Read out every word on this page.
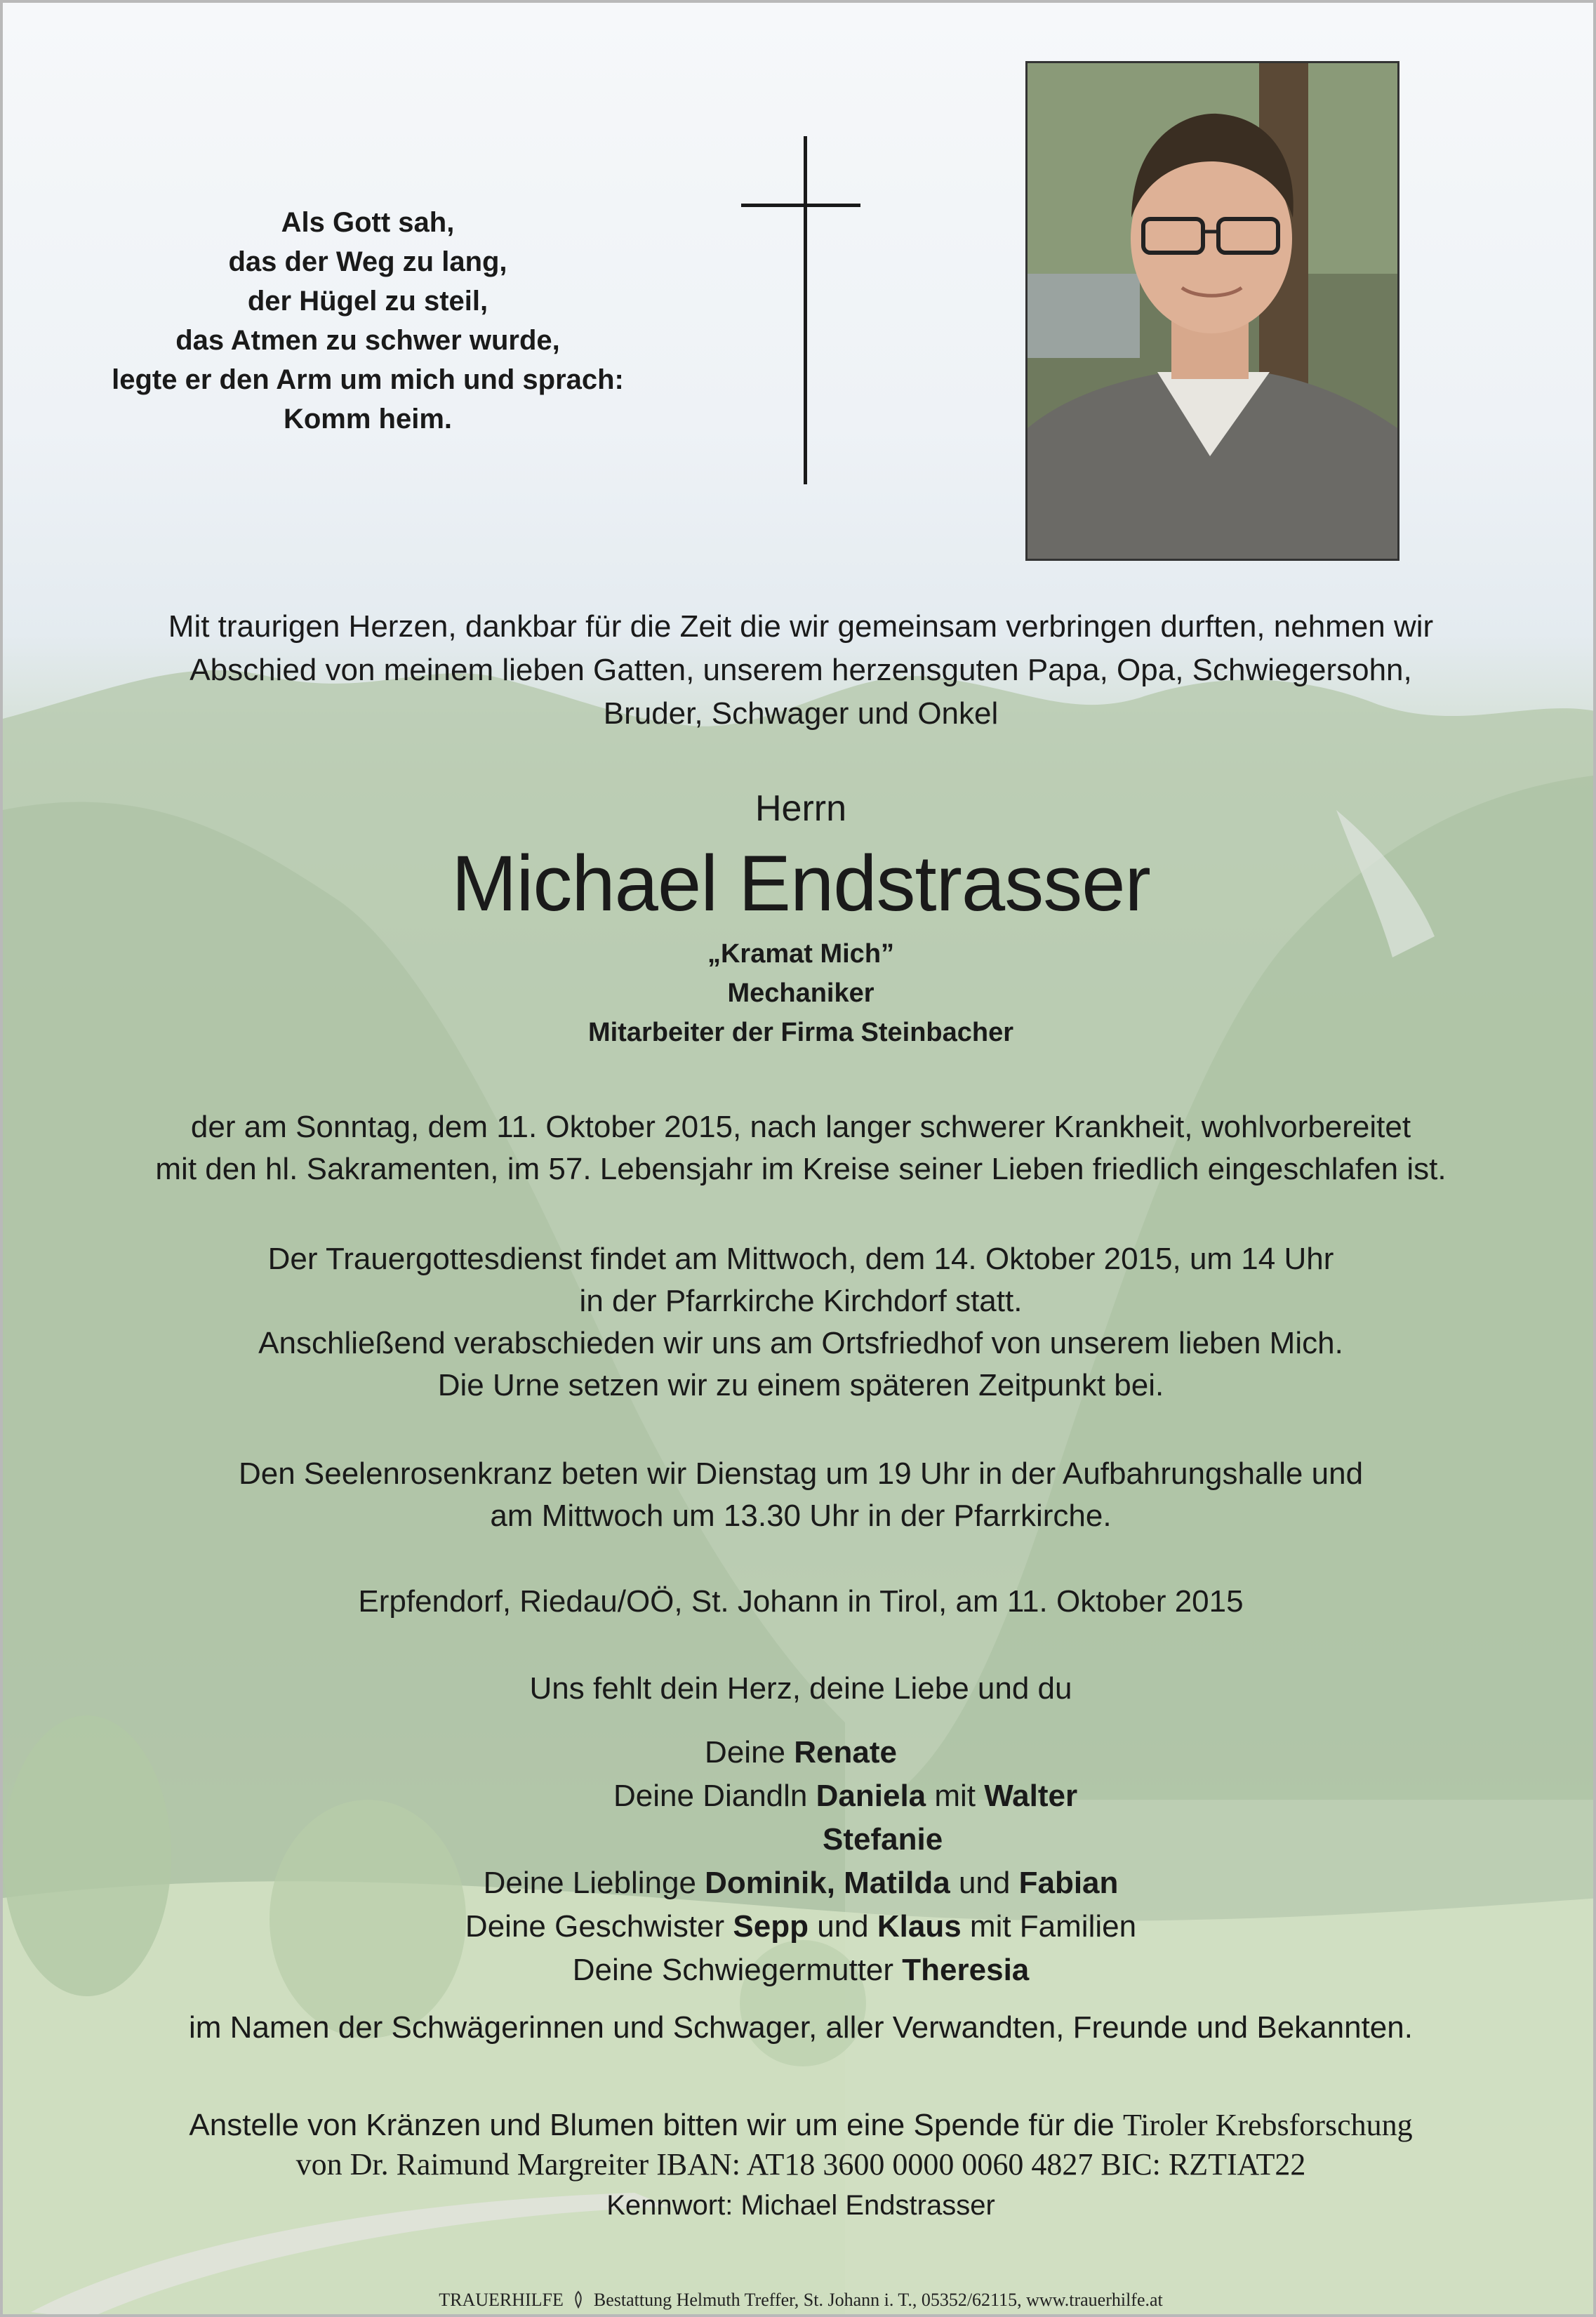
Als Gott sah,
das der Weg zu lang,
der Hügel zu steil,
das Atmen zu schwer wurde,
legte er den Arm um mich und sprach:
Komm heim.
Mit traurigen Herzen, dankbar für die Zeit die wir gemeinsam verbringen durften, nehmen wir
Abschied von meinem lieben Gatten, unserem herzensguten Papa, Opa, Schwiegersohn,
Bruder, Schwager und Onkel
Herrn
Michael Endstrasser
„Kramat Mich”
Mechaniker
Mitarbeiter der Firma Steinbacher
der am Sonntag, dem 11. Oktober 2015, nach langer schwerer Krankheit, wohlvorbereitet
mit den hl. Sakramenten, im 57. Lebensjahr im Kreise seiner Lieben friedlich eingeschlafen ist.
Der Trauergottesdienst findet am Mittwoch, dem 14. Oktober 2015, um 14 Uhr
in der Pfarrkirche Kirchdorf statt.
Anschließend verabschieden wir uns am Ortsfriedhof von unserem lieben Mich.
Die Urne setzen wir zu einem späteren Zeitpunkt bei.
Den Seelenrosenkranz beten wir Dienstag um 19 Uhr in der Aufbahrungshalle und
am Mittwoch um 13.30 Uhr in der Pfarrkirche.
Erpfendorf, Riedau/OÖ, St. Johann in Tirol, am 11. Oktober 2015
Uns fehlt dein Herz, deine Liebe und du
Deine Renate
Deine Diandln Daniela mit Walter
Stefanie
Deine Lieblinge Dominik, Matilda und Fabian
Deine Geschwister Sepp und Klaus mit Familien
Deine Schwiegermutter Theresia
im Namen der Schwägerinnen und Schwager, aller Verwandten, Freunde und Bekannten.
Anstelle von Kränzen und Blumen bitten wir um eine Spende für die Tiroler Krebsforschung
von Dr. Raimund Margreiter IBAN: AT18 3600 0000 0060 4827 BIC: RZTIAT22
Kennwort: Michael Endstrasser
TRAUERHILFE Bestattung Helmuth Treffer, St. Johann i. T., 05352/62115, www.trauerhilfe.at
